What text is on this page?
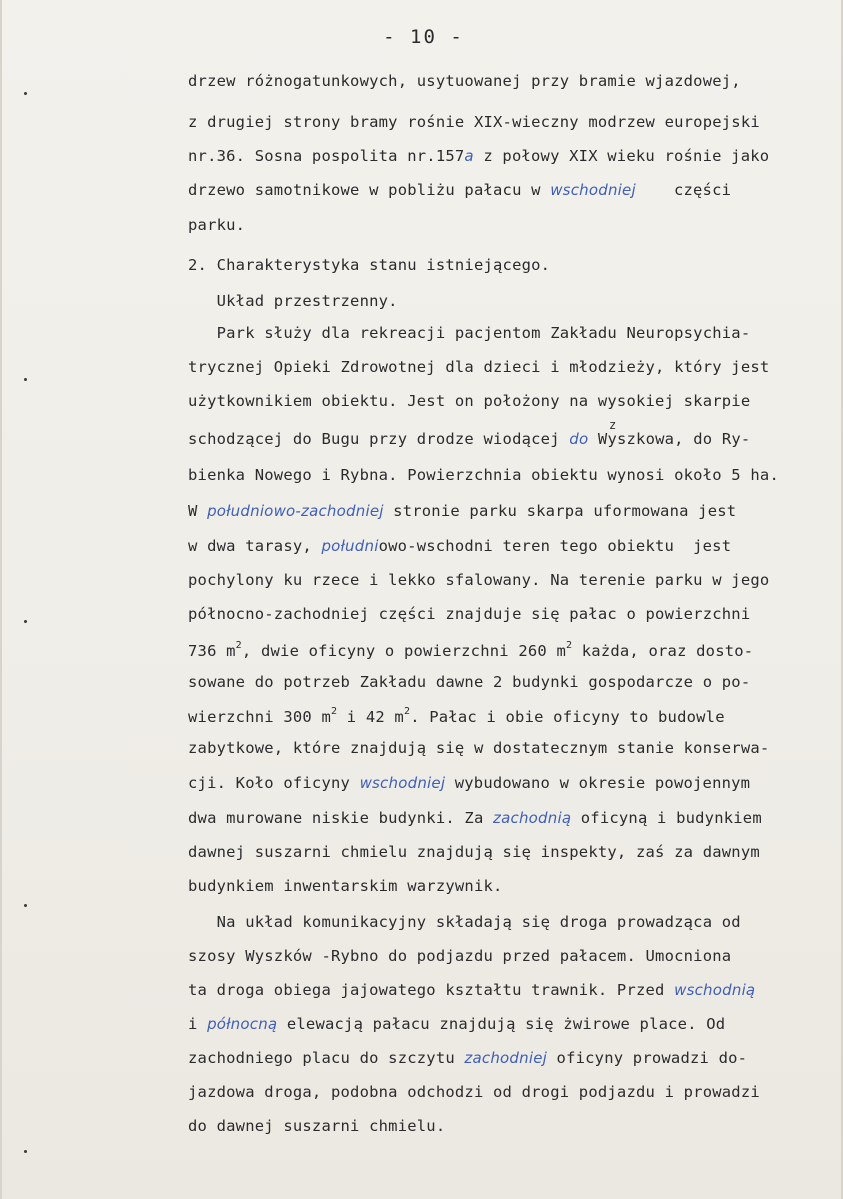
- 10 -
z
drzew różnogatunkowych, usytuowanej przy bramie wjazdowej,
z drugiej strony bramy rośnie XIX-wieczny modrzew europejski
nr.36. Sosna pospolita nr.157a z połowy XIX wieku rośnie jako
drzewo samotnikowe w pobliżu pałacu w wschodniej    części
parku.
2. Charakterystyka stanu istniejącego.
Układ przestrzenny.
Park służy dla rekreacji pacjentom Zakładu Neuropsychia-
trycznej Opieki Zdrowotnej dla dzieci i młodzieży, który jest
użytkownikiem obiektu. Jest on położony na wysokiej skarpie
schodzącej do Bugu przy drodze wiodącej do Wyszkowa, do Ry-
bienka Nowego i Rybna. Powierzchnia obiektu wynosi około 5 ha.
W południowo-zachodniej stronie parku skarpa uformowana jest
w dwa tarasy, południowo-wschodni teren tego obiektu  jest
pochylony ku rzece i lekko sfalowany. Na terenie parku w jego
północno-zachodniej części znajduje się pałac o powierzchni
736 $m^2$, dwie oficyny o powierzchni 260 $m^2$ każda, oraz dosto-
sowane do potrzeb Zakładu dawne 2 budynki gospodarcze o po-
wierzchni 300 $m^2$ i 42 $m^2$. Pałac i obie oficyny to budowle
zabytkowe, które znajdują się w dostatecznym stanie konserwa-
cji. Koło oficyny wschodniej wybudowano w okresie powojennym
dwa murowane niskie budynki. Za zachodnią oficyną i budynkiem
dawnej suszarni chmielu znajdują się inspekty, zaś za dawnym
budynkiem inwentarskim warzywnik.
Na układ komunikacyjny składają się droga prowadząca od
szosy Wyszków -Rybno do podjazdu przed pałacem. Umocniona
ta droga obiega jajowatego kształtu trawnik. Przed wschodnią
i północną elewacją pałacu znajdują się żwirowe place. Od
zachodniego placu do szczytu zachodniej oficyny prowadzi do-
jazdowa droga, podobna odchodzi od drogi podjazdu i prowadzi
do dawnej suszarni chmielu.
